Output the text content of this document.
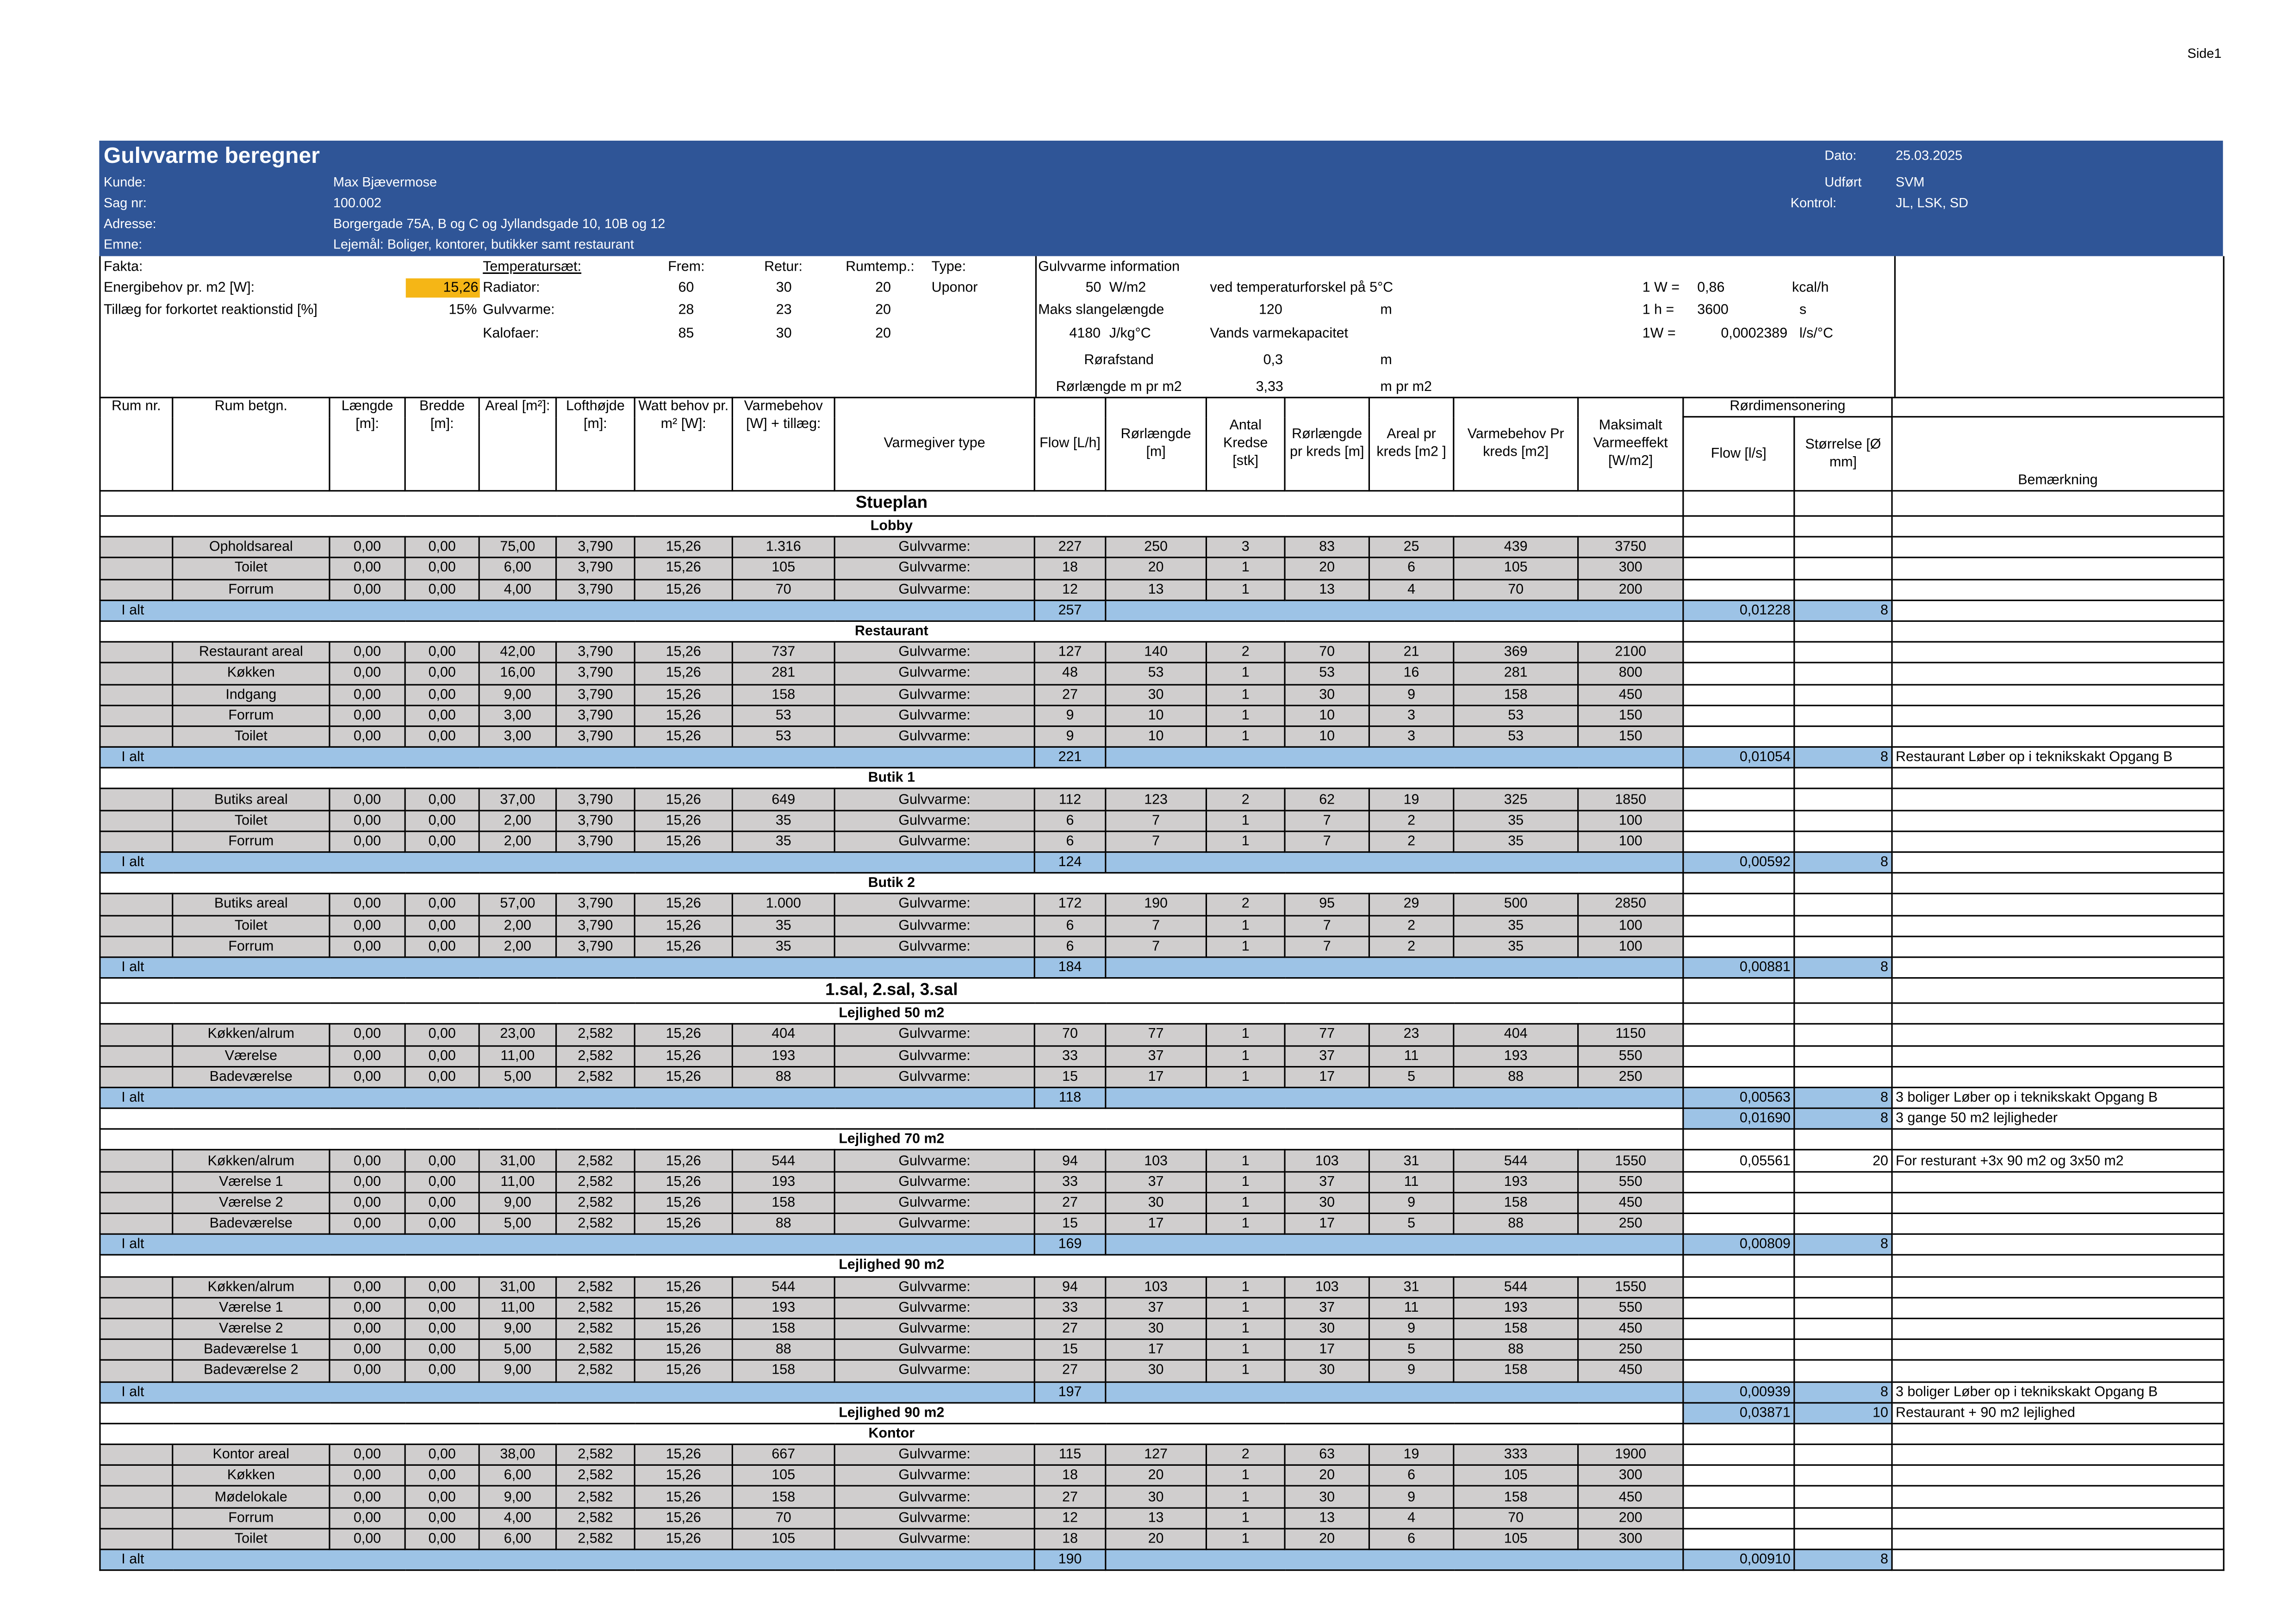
Side1
Gulvvarme beregner
Kunde:	Max Bjævermose
Sag nr:	100.002
Adresse:	Borgergade 75A, B og C og Jyllandsgade 10, 10B og 12
Emne:	Lejemål: Boliger, kontorer, butikker samt restaurant
Dato:	25.03.2025
Udført	SVM
Kontrol:	JL, LSK, SD
Fakta:
Energibehov pr. m2 [W]:	15,26
Tillæg for forkortet reaktionstid [%]	15%
Temperatursæt:	Frem:	Retur:	Rumtemp.:	Type:
Radiator:	60	30	20	Uponor
Gulvvarme:	28	23	20
Kalofaer:	85	30	20
Gulvvarme information
50 W/m2	ved temperaturforskel på 5°C
Maks slangelængde	120	m
4180 J/kg°C	Vands varmekapacitet
Rørafstand	0,3	m
Rørlængde m pr m2	3,33	m pr m2
1 W =	0,86	kcal/h
1 h =	3600	s
1W =	0,0002389	l/s/°C
Rum nr.	Rum betgn.	Længde [m]:	Bredde [m]:	Areal [m²]:	Lofthøjde [m]:	Watt behov pr. m² [W]:	Varmebehov [W] + tillæg:	Varmegiver type	Flow [L/h]	Rørlængde [m]	Antal Kredse [stk]	Rørlængde pr kreds [m]	Areal pr kreds [m2 ]	Varmebehov Pr kreds [m2]	Maksimalt Varmeeffekt [W/m2]	Rørdimensonering		
																Flow [l/s]	Størrelse [Ø mm]	Bemærkning
Stueplan																		
Lobby																		
	Opholdsareal	0,00	0,00	75,00	3,790	15,26	1.316	Gulvvarme:	227	250	3	83	25	439	3750			
	Toilet	0,00	0,00	6,00	3,790	15,26	105	Gulvvarme:	18	20	1	20	6	105	300			
	Forrum	0,00	0,00	4,00	3,790	15,26	70	Gulvvarme:	12	13	1	13	4	70	200			
I alt									257							0,01228	8	
Restaurant																		
	Restaurant areal	0,00	0,00	42,00	3,790	15,26	737	Gulvvarme:	127	140	2	70	21	369	2100			
	Køkken	0,00	0,00	16,00	3,790	15,26	281	Gulvvarme:	48	53	1	53	16	281	800			
	Indgang	0,00	0,00	9,00	3,790	15,26	158	Gulvvarme:	27	30	1	30	9	158	450			
	Forrum	0,00	0,00	3,00	3,790	15,26	53	Gulvvarme:	9	10	1	10	3	53	150			
	Toilet	0,00	0,00	3,00	3,790	15,26	53	Gulvvarme:	9	10	1	10	3	53	150			
I alt									221							0,01054	8	Restaurant Løber op i teknikskakt Opgang B
Butik 1																		
	Butiks areal	0,00	0,00	37,00	3,790	15,26	649	Gulvvarme:	112	123	2	62	19	325	1850			
	Toilet	0,00	0,00	2,00	3,790	15,26	35	Gulvvarme:	6	7	1	7	2	35	100			
	Forrum	0,00	0,00	2,00	3,790	15,26	35	Gulvvarme:	6	7	1	7	2	35	100			
I alt									124							0,00592	8	
Butik 2																		
	Butiks areal	0,00	0,00	57,00	3,790	15,26	1.000	Gulvvarme:	172	190	2	95	29	500	2850			
	Toilet	0,00	0,00	2,00	3,790	15,26	35	Gulvvarme:	6	7	1	7	2	35	100			
	Forrum	0,00	0,00	2,00	3,790	15,26	35	Gulvvarme:	6	7	1	7	2	35	100			
I alt									184							0,00881	8	
1.sal, 2.sal, 3.sal																		
Lejlighed 50 m2																		
	Køkken/alrum	0,00	0,00	23,00	2,582	15,26	404	Gulvvarme:	70	77	1	77	23	404	1150			
	Værelse	0,00	0,00	11,00	2,582	15,26	193	Gulvvarme:	33	37	1	37	11	193	550			
	Badeværelse	0,00	0,00	5,00	2,582	15,26	88	Gulvvarme:	15	17	1	17	5	88	250			
I alt									118							0,00563	8	3 boliger Løber op i teknikskakt Opgang B
																0,01690	8	3 gange 50 m2 lejligheder
Lejlighed 70 m2																		
	Køkken/alrum	0,00	0,00	31,00	2,582	15,26	544	Gulvvarme:	94	103	1	103	31	544	1550	0,05561	20	For resturant +3x 90 m2 og 3x50 m2
	Værelse 1	0,00	0,00	11,00	2,582	15,26	193	Gulvvarme:	33	37	1	37	11	193	550			
	Værelse 2	0,00	0,00	9,00	2,582	15,26	158	Gulvvarme:	27	30	1	30	9	158	450			
	Badeværelse	0,00	0,00	5,00	2,582	15,26	88	Gulvvarme:	15	17	1	17	5	88	250			
I alt									169							0,00809	8	
Lejlighed 90 m2																		
	Køkken/alrum	0,00	0,00	31,00	2,582	15,26	544	Gulvvarme:	94	103	1	103	31	544	1550			
	Værelse 1	0,00	0,00	11,00	2,582	15,26	193	Gulvvarme:	33	37	1	37	11	193	550			
	Værelse 2	0,00	0,00	9,00	2,582	15,26	158	Gulvvarme:	27	30	1	30	9	158	450			
	Badeværelse 1	0,00	0,00	5,00	2,582	15,26	88	Gulvvarme:	15	17	1	17	5	88	250			
	Badeværelse 2	0,00	0,00	9,00	2,582	15,26	158	Gulvvarme:	27	30	1	30	9	158	450			
I alt									197							0,00939	8	3 boliger Løber op i teknikskakt Opgang B
Lejlighed 90 m2																0,03871	10	Restaurant + 90 m2 lejlighed
Kontor																		
	Kontor areal	0,00	0,00	38,00	2,582	15,26	667	Gulvvarme:	115	127	2	63	19	333	1900			
	Køkken	0,00	0,00	6,00	2,582	15,26	105	Gulvvarme:	18	20	1	20	6	105	300			
	Mødelokale	0,00	0,00	9,00	2,582	15,26	158	Gulvvarme:	27	30	1	30	9	158	450			
	Forrum	0,00	0,00	4,00	2,582	15,26	70	Gulvvarme:	12	13	1	13	4	70	200			
	Toilet	0,00	0,00	6,00	2,582	15,26	105	Gulvvarme:	18	20	1	20	6	105	300			
I alt									190							0,00910	8	
